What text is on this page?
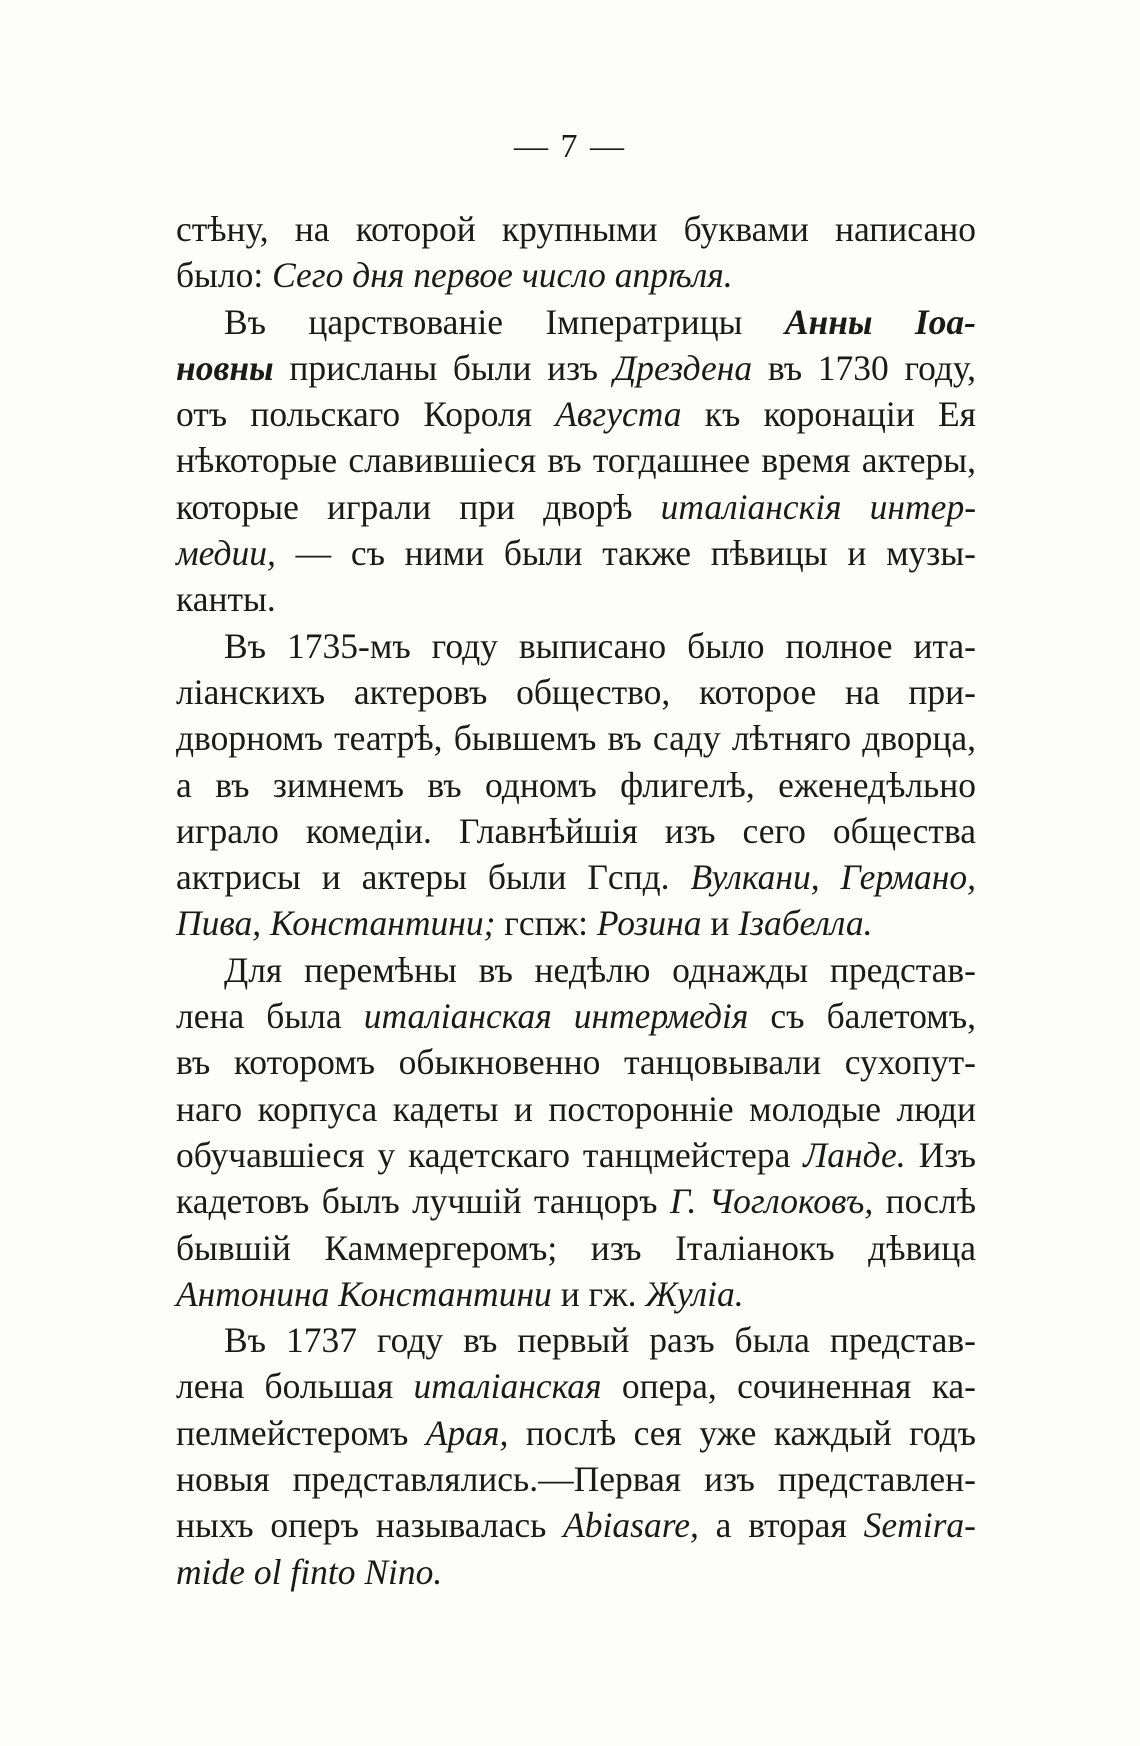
— 7 —
стѣну, на которой крупными буквами написано
было: Сего дня первое число апрѣля.
Въ царствованіе Імператрицы Анны Іоа-
новны присланы были изъ Дрездена въ 1730 году,
отъ польскаго Короля Августа къ коронаціи Ея
нѣкоторые славившіеся въ тогдашнее время актеры,
которые играли при дворѣ италіанскія интер-
медии, — съ ними были также пѣвицы и музы-
канты.
Въ 1735-мъ году выписано было полное ита-
ліанскихъ актеровъ общество, которое на при-
дворномъ театрѣ, бывшемъ въ саду лѣтняго дворца,
а въ зимнемъ въ одномъ флигелѣ, еженедѣльно
играло комедіи. Главнѣйшія изъ сего общества
актрисы и актеры были Гспд. Вулкани, Германо,
Пива, Константини; гспж: Розина и Ізабелла.
Для перемѣны въ недѣлю однажды представ-
лена была италіанская интермедія съ балетомъ,
въ которомъ обыкновенно танцовывали сухопут-
наго корпуса кадеты и посторонніе молодые люди
обучавшіеся у кадетскаго танцмейстера Ланде. Изъ
кадетовъ былъ лучшій танцоръ Г. Чоглоковъ, послѣ
бывшій Каммергеромъ; изъ Італіанокъ дѣвица
Антонина Константини и гж. Жуліа.
Въ 1737 году въ первый разъ была представ-
лена большая италіанская опера, сочиненная ка-
пелмейстеромъ Арая, послѣ сея уже каждый годъ
новыя представлялись.—Первая изъ представлен-
ныхъ оперъ называлась Abiasare, а вторая Semira-
mide ol finto Nino.
